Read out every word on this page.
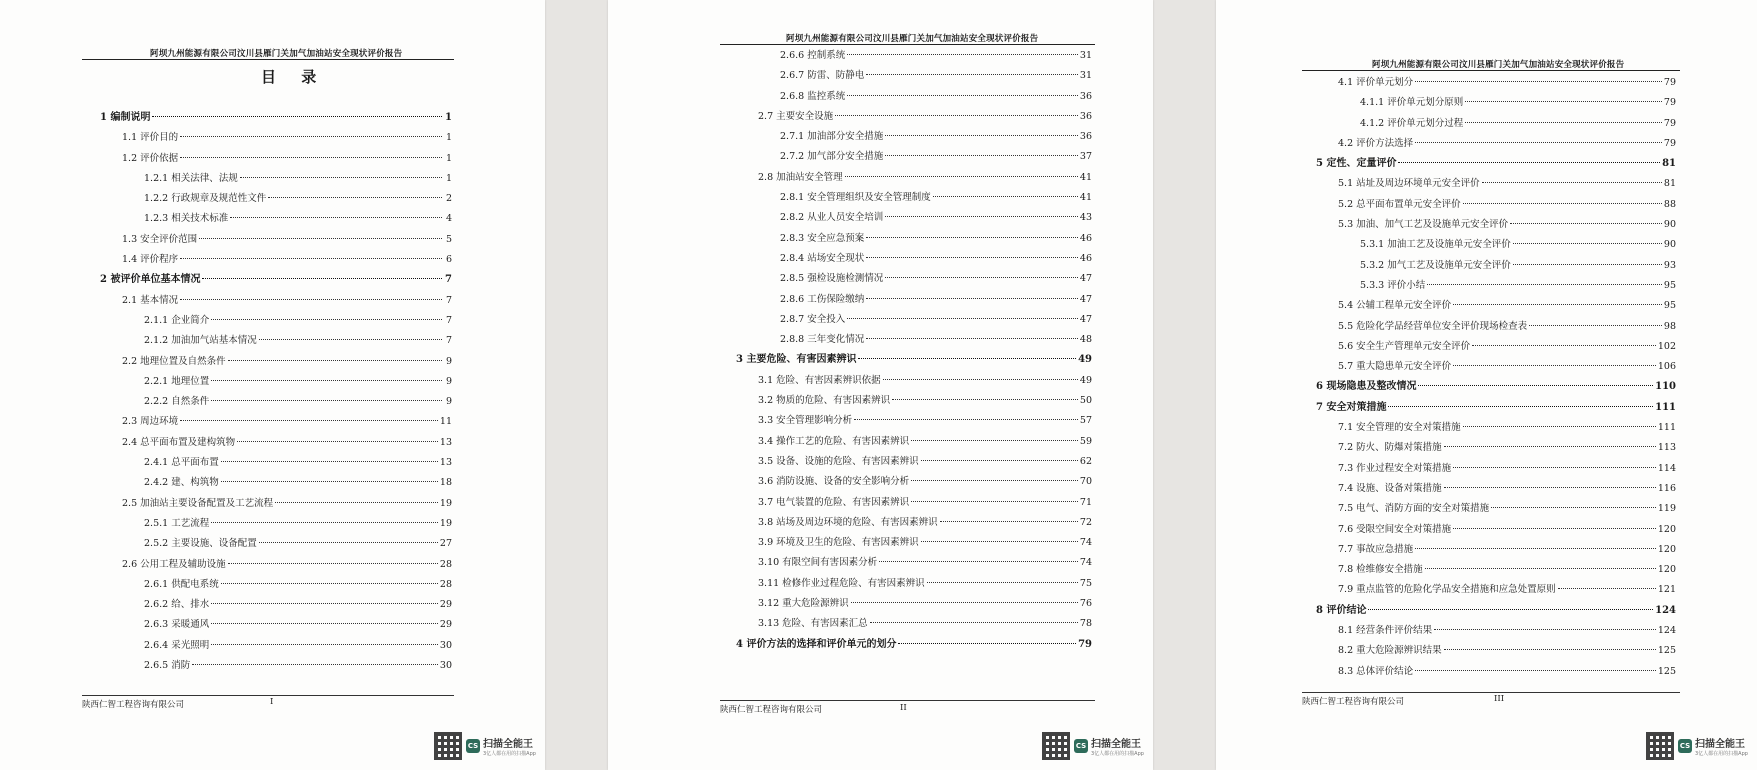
阿坝九州能源有限公司汶川县雁门关加气加油站安全现状评价报告
目 录
1 编制说明	1
1.1 评价目的	1
1.2 评价依据	1
1.2.1 相关法律、法规	1
1.2.2 行政规章及规范性文件	2
1.2.3 相关技术标准	4
1.3 安全评价范围	5
1.4 评价程序	6
2 被评价单位基本情况	7
2.1 基本情况	7
2.1.1 企业简介	7
2.1.2 加油加气站基本情况	7
2.2 地理位置及自然条件	9
2.2.1 地理位置	9
2.2.2 自然条件	9
2.3 周边环境	11
2.4 总平面布置及建构筑物	13
2.4.1 总平面布置	13
2.4.2 建、构筑物	18
2.5 加油站主要设备配置及工艺流程	19
2.5.1 工艺流程	19
2.5.2 主要设施、设备配置	27
2.6 公用工程及辅助设施	28
2.6.1 供配电系统	28
2.6.2 给、排水	29
2.6.3 采暖通风	29
2.6.4 采光照明	30
2.6.5 消防	30
陕西仁智工程咨询有限公司	I
CS 扫描全能王
3亿人都在用的扫描App
阿坝九州能源有限公司汶川县雁门关加气加油站安全现状评价报告
2.6.6 控制系统	31
2.6.7 防雷、防静电	31
2.6.8 监控系统	36
2.7 主要安全设施	36
2.7.1 加油部分安全措施	36
2.7.2 加气部分安全措施	37
2.8 加油站安全管理	41
2.8.1 安全管理组织及安全管理制度	41
2.8.2 从业人员安全培训	43
2.8.3 安全应急预案	46
2.8.4 站场安全现状	46
2.8.5 强检设施检测情况	47
2.8.6 工伤保险缴纳	47
2.8.7 安全投入	47
2.8.8 三年变化情况	48
3 主要危险、有害因素辨识	49
3.1 危险、有害因素辨识依据	49
3.2 物质的危险、有害因素辨识	50
3.3 安全管理影响分析	57
3.4 操作工艺的危险、有害因素辨识	59
3.5 设备、设施的危险、有害因素辨识	62
3.6 消防设施、设备的安全影响分析	70
3.7 电气装置的危险、有害因素辨识	71
3.8 站场及周边环境的危险、有害因素辨识	72
3.9 环境及卫生的危险、有害因素辨识	74
3.10 有限空间有害因素分析	74
3.11 检修作业过程危险、有害因素辨识	75
3.12 重大危险源辨识	76
3.13 危险、有害因素汇总	78
4 评价方法的选择和评价单元的划分	79
陕西仁智工程咨询有限公司	II
CS 扫描全能王
3亿人都在用的扫描App
阿坝九州能源有限公司汶川县雁门关加气加油站安全现状评价报告
4.1 评价单元划分	79
4.1.1 评价单元划分原则	79
4.1.2 评价单元划分过程	79
4.2 评价方法选择	79
5 定性、定量评价	81
5.1 站址及周边环境单元安全评价	81
5.2 总平面布置单元安全评价	88
5.3 加油、加气工艺及设施单元安全评价	90
5.3.1 加油工艺及设施单元安全评价	90
5.3.2 加气工艺及设施单元安全评价	93
5.3.3 评价小结	95
5.4 公辅工程单元安全评价	95
5.5 危险化学品经营单位安全评价现场检查表	98
5.6 安全生产管理单元安全评价	102
5.7 重大隐患单元安全评价	106
6 现场隐患及整改情况	110
7 安全对策措施	111
7.1 安全管理的安全对策措施	111
7.2 防火、防爆对策措施	113
7.3 作业过程安全对策措施	114
7.4 设施、设备对策措施	116
7.5 电气、消防方面的安全对策措施	119
7.6 受限空间安全对策措施	120
7.7 事故应急措施	120
7.8 检维修安全措施	120
7.9 重点监管的危险化学品安全措施和应急处置原则	121
8 评价结论	124
8.1 经营条件评价结果	124
8.2 重大危险源辨识结果	125
8.3 总体评价结论	125
陕西仁智工程咨询有限公司	III
CS 扫描全能王
3亿人都在用的扫描App
